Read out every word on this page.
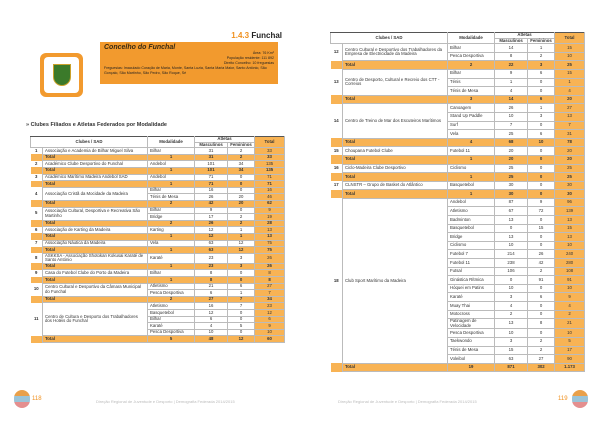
1.4.3 Funchal
Concelho do Funchal
Área: 76 Km²
População residente: 111 892
Direito Concelho: 10 freguesias
Freguesias: Imaculado Coração de Maria, Monte, Santa Luzia, Santa Maria Maior, Santo António, São Gonçalo, São Martinho, São Pedro, São Roque, Sé
» Clubes Filiados e Atletas Federados por Modalidade
Clubes / SAD		Modalidade	Atletas		Total
			Masculinos	Femininos	
1	Associação e Academia de Bilhar Miguel Silva	Bilhar	31	2	33
	Total	1	31	2	33
2	Académico Clube Desportivo do Funchal	Andebol	101	34	135
	Total	1	101	34	135
3	Académico Marítimo Madeira Andebol SAD	Andebol	71	0	71
	Total	1	71	0	71
4	Associação Cristã da Mocidade da Madeira	Bilhar	16	0	16
		Ténis de Mesa	26	20	46
	Total	2	42	20	62
5	Associação Cultural, Desportiva e Recreativa São Martinho	Bilhar	9	0	9
		Bridge	17	2	19
	Total	2	26	2	28
6	Associação de Karting da Madeira	Karting	12	1	13
	Total	1	12	1	13
7	Associação Náutica da Madeira	Vela	63	12	75
	Total	1	63	12	75
8	ASKKSA - Associação Shotokan Kokusai Karaté de Santo António	Karaté	23	3	26
	Total	1	23	3	26
9	Casa do Futebol Clube do Porto da Madeira	Bilhar	8	0	8
	Total	1	8	0	8
10	Centro Cultural e Desportivo da Câmara Municipal do Funchal	Atletismo	21	6	27
		Pesca Desportiva	6	1	7
	Total	2	27	7	34
11	Centro de Cultura e Desporto dos Trabalhadores dos Hotéis do Funchal	Atletismo	16	7	23
		Basquetebol	12	0	12
		Bilhar	6	0	6
		Karaté	4	5	9
		Pesca Desportiva	10	0	10
	Total	5	48	12	60
118	Direção Regional de Juventude e Desporto | Demografia Federada 2014/2015
Clubes / SAD		Modalidade	Atletas		Total
			Masculinos	Femininos	
12	Centro Cultural e Desportivo dos Trabalhadores da Empresa de Electricidade da Madeira	Bilhar	14	1	15
		Pesca Desportiva	8	2	10
	Total	2	22	3	25
13	Centro de Desporto, Cultural e Recreio dos CTT - Correios	Bilhar	9	6	15
		Ténis	1	0	1
		Ténis de Mesa	4	0	4
	Total	3	14	6	20
14	Centro de Treino de Mar dos Escuteiros Marítimos	Canoagem	26	1	27
		Stand Up Paddle	10	3	13
		Surf	7	0	7
		Vela	25	6	31
	Total	4	68	10	78
15	Choupana Futebol Clube	Futebol 11	20	0	20
	Total	1	20	0	20
16	Ciclo-Madeira Clube Desportivo	Ciclismo	25	0	25
	Total	1	25	0	25
17	CLNSTR – Grupo de Basket do Atlântico	Basquetebol	30	0	30
	Total	1	30	0	30
18	Club Sport Marítimo da Madeira	Andebol	87	9	96
		Atletismo	67	72	139
		Badminton	13	0	13
		Basquetebol	0	15	15
		Bridge	13	0	13
		Ciclismo	10	0	10
		Futebol 7	214	26	240
		Futebol 11	238	42	280
		Futsal	106	2	108
		Ginástica Rítmica	0	91	91
		Hóquei em Patins	10	0	10
		Karaté	3	6	9
		Muay Thai	4	0	4
		Motocross	2	0	2
		Patinagem de Velocidade	13	8	21
		Pesca Desportiva	10	0	10
		Taekwondo	3	2	5
		Ténis de Mesa	15	2	17
		Voleibol	63	27	90
	Total	19	871	302	1.173
Direção Regional de Juventude e Desporto | Demografia Federada 2014/2015	119
